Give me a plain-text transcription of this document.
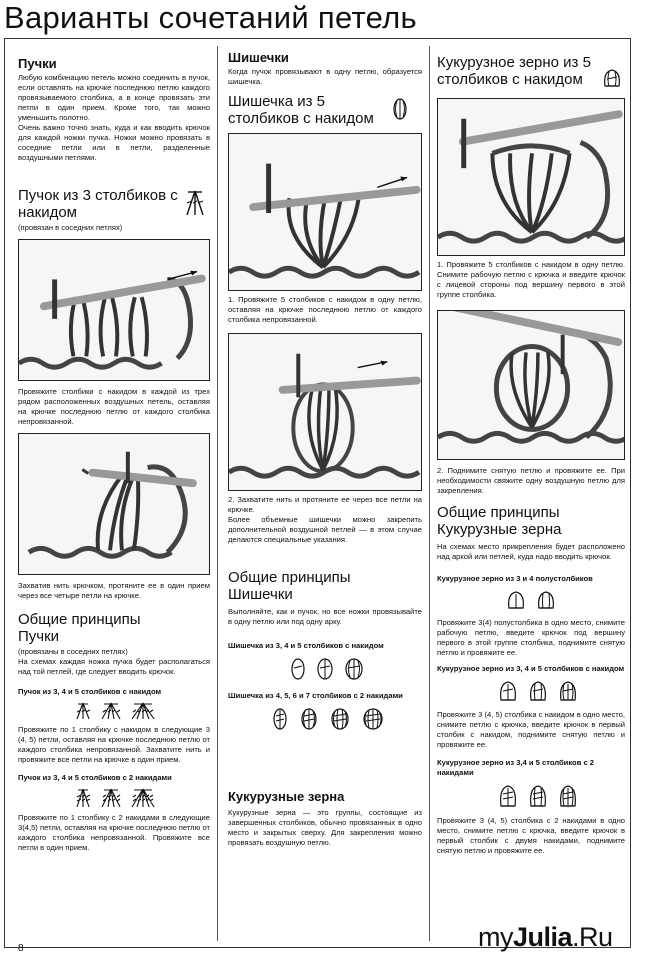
Варианты сочетаний петель
Пучки
Любую комбинацию петель можно соединить в пучок, если оставлять на крючке последнюю петлю каждого провязываемого столбика, а в конце провязать эти петли в один прием. Кроме того, так можно уменьшить полотно.
Очень важно точно знать, куда и как вводить крючок для каждой ножки пучка. Ножки можно провязать в соседние петли или в петли, разделенные воздушными петлями.
Пучок из 3 столбиков с накидом
(провязан в соседних петлях)
Провяжите столбики с накидом в каждой из трех рядом расположенных воздушных петель, оставляя на крючке последнюю петлю от каждого столбика непровязанной.
Захватив нить крючком, протяните ее в один прием через все четыре петли на крючке.
Общие принципы
Пучки
(провязаны в соседних петлях)
На схемах каждая ножка пучка будет располагаться над той петлей, где следует вводить крючок.
Пучок из 3, 4 и 5 столбиков с накидом
Провяжите по 1 столбику с накидом в следующие 3 (4, 5) петли, оставляя на крючке последнюю петлю от каждого столбика непровязанной. Захватите нить и провяжите все петли на крючке в один прием.
Пучок из 3, 4 и 5 столбиков с 2 накидами
Провяжите по 1 столбику с 2 накидами в следующие 3(4,5) петли, оставляя на крючке последнюю петлю от каждого столбика непровязанной. Провяжите все петли в один прием.
Шишечки
Когда пучок провязывают в одну петлю, образуется шишечка.
Шишечка из 5 столбиков с накидом
1. Провяжите 5 столбиков с накидом в одну петлю, оставляя на крючке последнюю петлю от каждого столбика непровязанной.
2. Захватите нить и протяните ее через все петли на крючке.
Более объемные шишечки можно закрепить дополнительной воздушной петлей — в этом случае делаются специальные указания.
Общие принципы
Шишечки
Выполняйте, как и пучок, но все ножки провязывайте в одну петлю или под одну арку.
Шишечка из 3, 4 и 5 столбиков с накидом
Шишечка из 4, 5, 6 и 7 столбиков с 2 накидами
Кукурузные зерна
Кукурузные зерна — это группы, состоящие из завершенных столбиков, обычно провязанных в одно место и закрытых сверху. Для закрепления можно провязать воздушную петлю.
Кукурузное зерно из 5 столбиков с накидом
1. Провяжите 5 столбиков с накидом в одну петлю. Снимите рабочую петлю с крючка и введите крючок с лицевой стороны под вершину первого в этой группе столбика.
2. Поднимите снятую петлю и провяжите ее. При необходимости свяжите одну воздушную петлю для закрепления.
Общие принципы
Кукурузные зерна
На схемах место прикрепления будет расположено над аркой или петлей, куда надо вводить крючок.
Кукурузное зерно из 3 и 4 полустолбиков
Провяжите 3(4) полустолбика в одно место, снимите рабочую петлю, введите крючок под вершину первого в этой группе столбика, поднимите снятую петлю и провяжите ее.
Кукурузное зерно из 3, 4 и 5 столбиков с накидом
Провяжите 3 (4, 5) столбика с накидом в одно место, снимите петлю с крючка, введите крючок в первый столбик с накидом, поднимите снятую петлю и провяжите ее.
Кукурузное зерно из 3,4 и 5 столбиков с 2 накидами
Провяжите 3 (4, 5) столбика с 2 накидами в одно место, снимите петлю с крючка, введите крючок в первый столбик с двумя накидами, поднимите снятую петлю и провяжите ее.
8	myJulia.Ru
